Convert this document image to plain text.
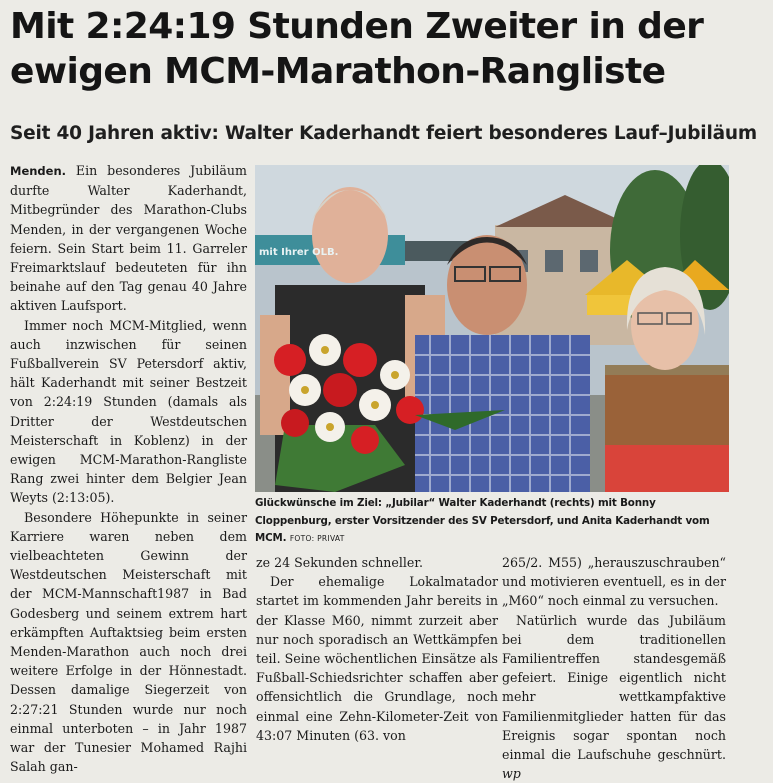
Mit 2:24:19 Stunden Zweiter in der ewigen MCM-Marathon-Rangliste
Seit 40 Jahren aktiv: Walter Kaderhandt feiert besonderes Lauf–Jubiläum

Menden. Ein besonderes Jubiläum durfte Walter Kaderhandt, Mitbegründer des Marathon-Clubs Menden, in der vergangenen Woche feiern. Sein Start beim 11. Garreler Freimarktslauf bedeuteten für ihn beinahe auf den Tag genau 40 Jahre aktiven Laufsport.

Immer noch MCM-Mitglied, wenn auch inzwischen für seinen Fußballverein SV Petersdorf aktiv, hält Kaderhandt mit seiner Bestzeit von 2:24:19 Stunden (damals als Dritter der Westdeutschen Meisterschaft in Koblenz) in der ewigen MCM-Marathon-Rangliste Rang zwei hinter dem Belgier Jean Weyts (2:13:05).

Besondere Höhepunkte in seiner Karriere waren neben dem vielbeachteten Gewinn der Westdeutschen Meisterschaft mit der MCM-Mannschaft1987 in Bad Godesberg und seinem extrem hart erkämpften Auftaktsieg beim ersten Menden-Marathon auch noch drei weitere Erfolge in der Hönnestadt. Dessen damalige Siegerzeit von 2:27:21 Stunden wurde nur noch einmal unterboten – in Jahr 1987 war der Tunesier Mohamed Rajhi Salah gan-

mit Ihrer OLB.

Glückwünsche im Ziel: „Jubilar“ Walter Kaderhandt (rechts) mit Bonny Cloppenburg, erster Vorsitzender des SV Petersdorf, und Anita Kaderhandt vom MCM. FOTO: PRIVAT

ze 24 Sekunden schneller.

Der ehemalige Lokalmatador startet im kommenden Jahr bereits in der Klasse M60, nimmt zurzeit aber nur noch sporadisch an Wettkämpfen teil. Seine wöchentlichen Einsätze als Fußball-Schiedsrichter schaffen aber offensichtlich die Grundlage, noch einmal eine Zehn-Kilometer-Zeit von 43:07 Minuten (63. von

265/2. M55) „herauszuschrauben“ und motivieren eventuell, es in der „M60“ noch einmal zu versuchen.

Natürlich wurde das Jubiläum bei dem traditionellen Familientreffen standesgemäß gefeiert. Einige eigentlich nicht mehr wettkampfaktive Familienmitglieder hatten für das Ereignis sogar spontan noch einmal die Laufschuhe geschnürt. wp
